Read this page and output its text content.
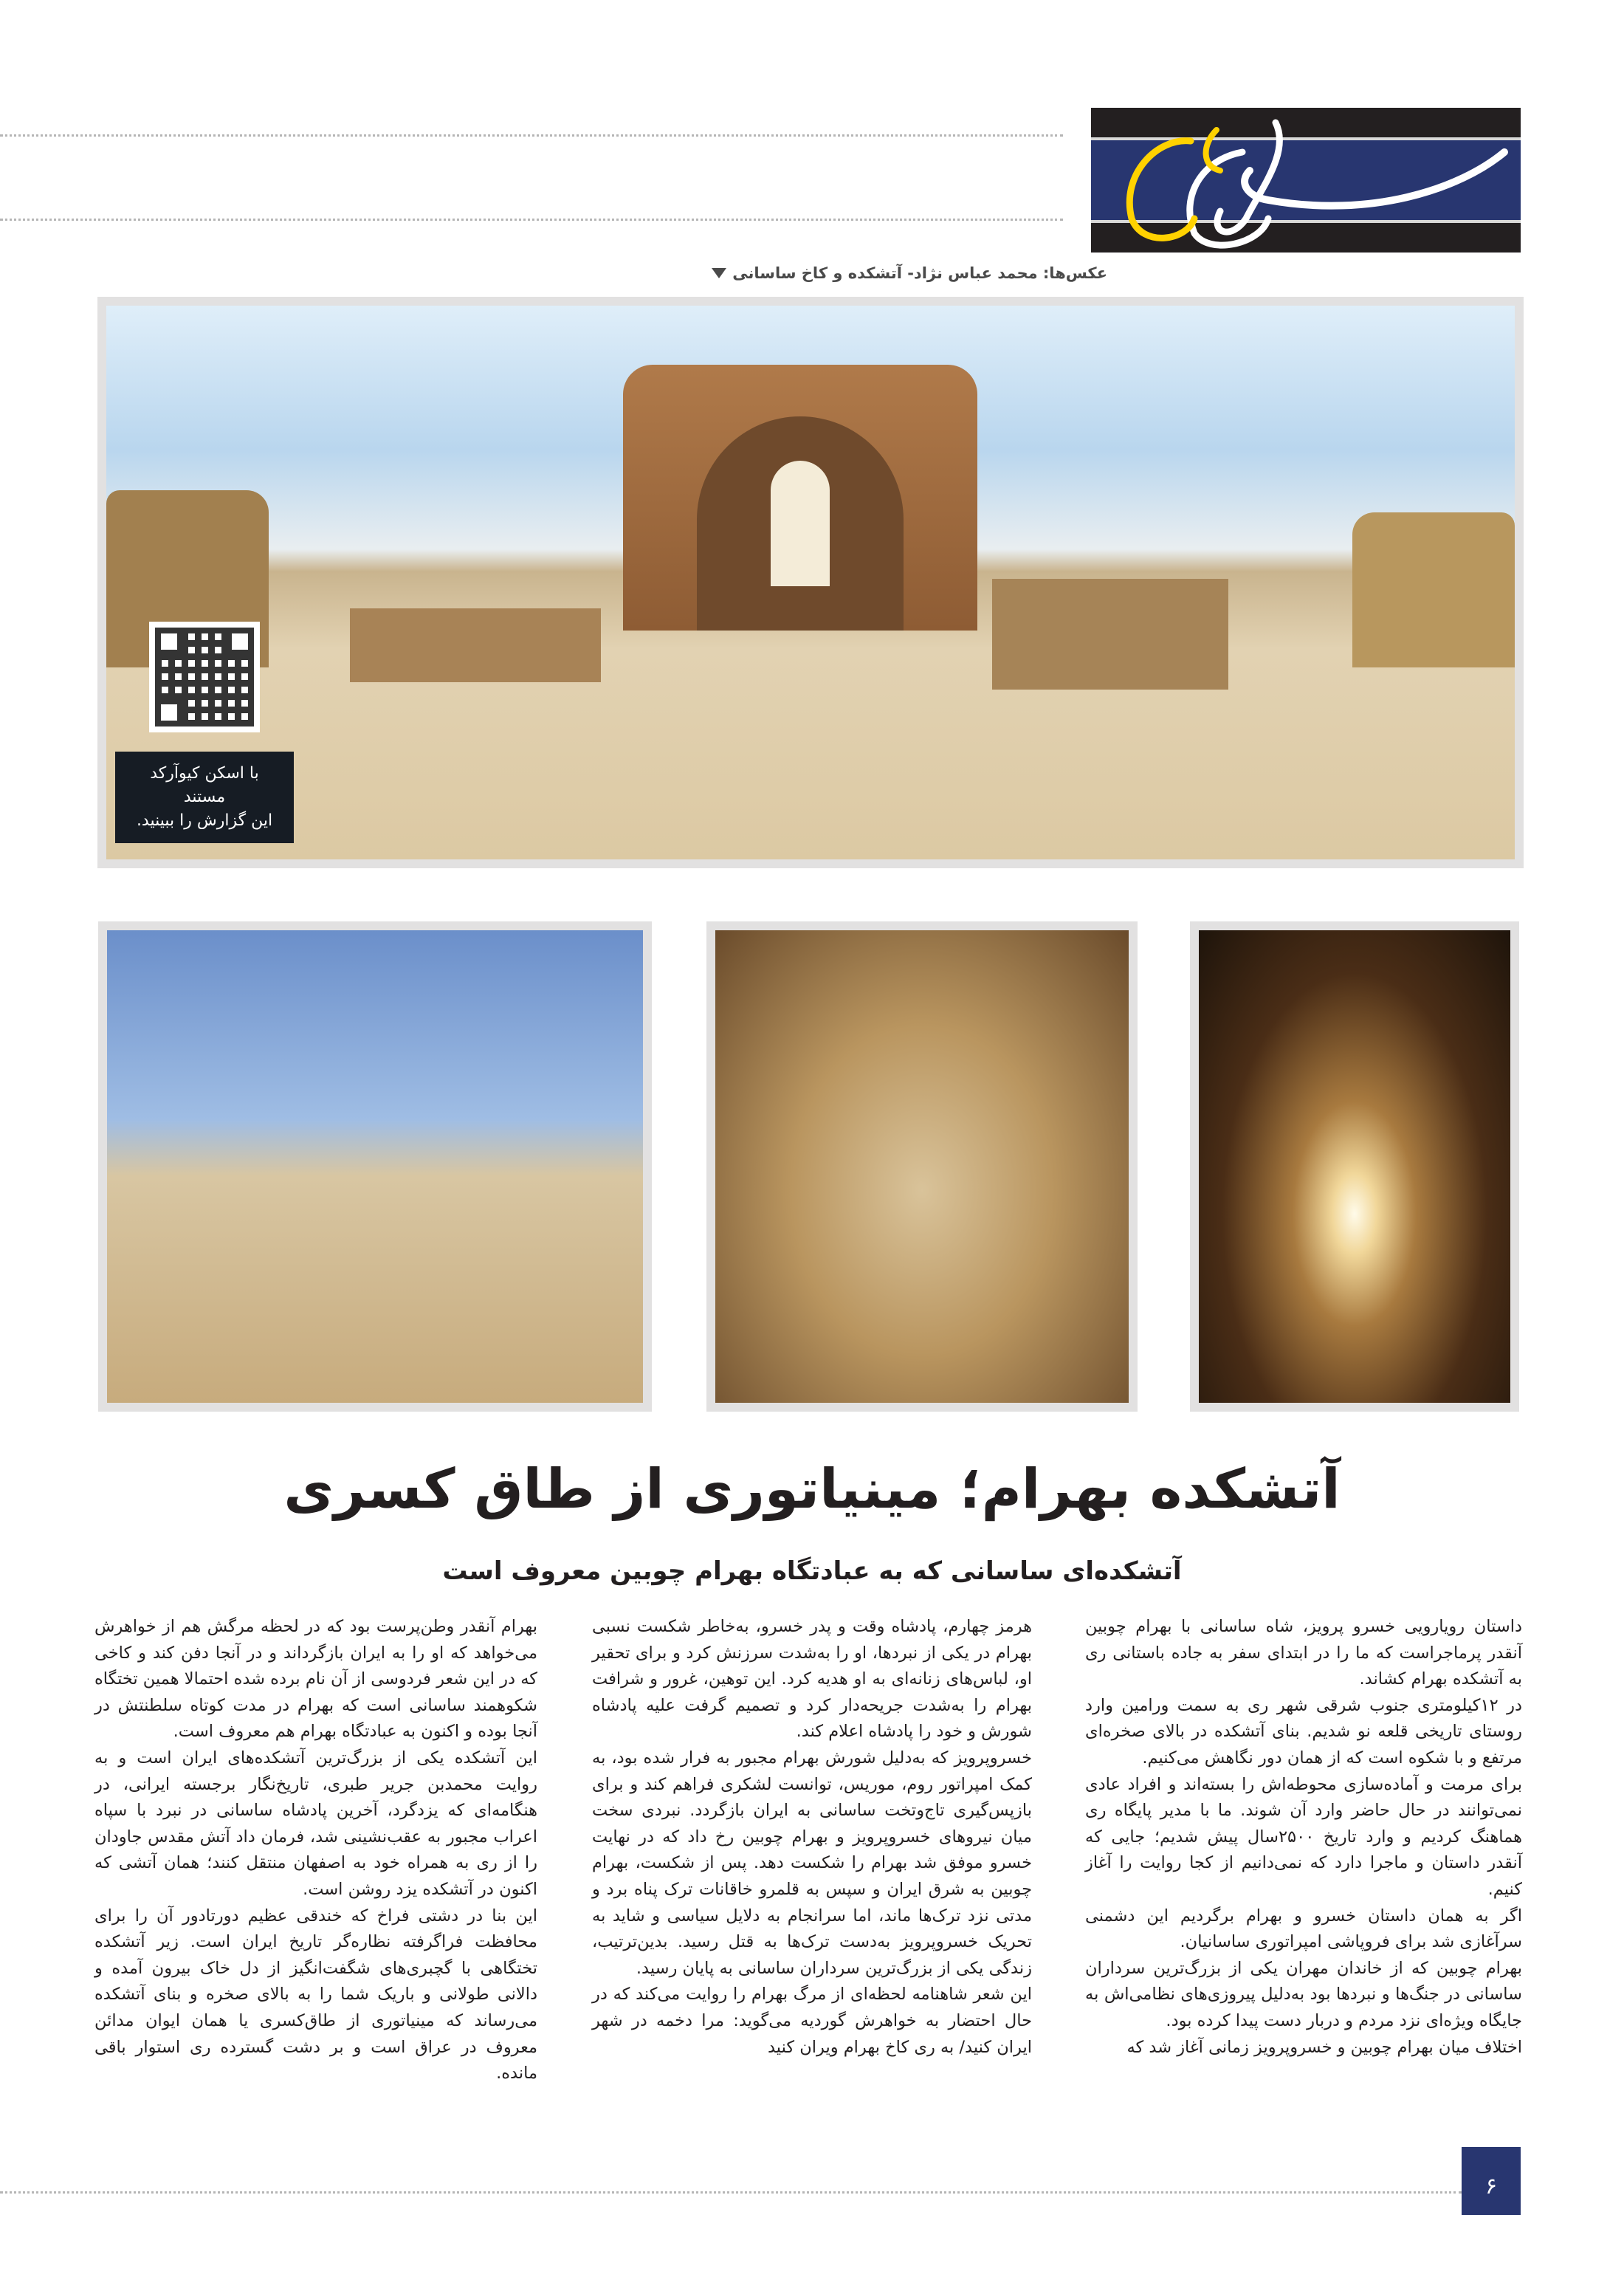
عکس‌ها: محمد عباس نژاد- آتشکده و کاخ ساسانی
با اسکن کیوآرکد مستند
این گزارش را ببینید.
آتشکده بهرام؛ مینیاتوری از طاق کسری
آتشکده‌ای ساسانی که به عبادتگاه بهرام چوبین معروف است

داستان رویارویی خسرو پرویز، شاه ساسانی با بهرام چوبین آنقدر پرماجراست که ما را در ابتدای سفر به جاده باستانی ری به آتشکده بهرام کشاند.

در ۱۲کیلومتری جنوب شرقی شهر ری به سمت ورامین وارد روستای تاریخی قلعه نو شدیم. بنای آتشکده در بالای صخره‌ای مرتفع و با شکوه است که از همان دور نگاهش می‌کنیم.

برای مرمت و آماده‌سازی محوطه‌اش را بسته‌اند و افراد عادی نمی‌توانند در حال حاضر وارد آن شوند. ما با مدیر پایگاه ری هماهنگ کردیم و وارد تاریخ ۲۵۰۰سال پیش شدیم؛ جایی که آنقدر داستان و ماجرا دارد که نمی‌دانیم از کجا روایت را آغاز کنیم.

اگر به همان داستان خسرو و بهرام برگردیم این دشمنی سرآغازی شد برای فروپاشی امپراتوری ساسانیان.

بهرام چوبین که از خاندان مهران یکی از بزرگ‌ترین سرداران ساسانی در جنگ‌ها و نبردها بود به‌دلیل پیروزی‌های نظامی‌اش به جایگاه ویژه‌ای نزد مردم و دربار دست پیدا کرده بود.

اختلاف میان بهرام چوبین و خسروپرویز زمانی آغاز شد که

هرمز چهارم، پادشاه وقت و پدر خسرو، به‌خاطر شکست نسبی بهرام در یکی از نبردها، او را به‌شدت سرزنش کرد و برای تحقیر او، لباس‌های زنانه‌ای به او هدیه کرد. این توهین، غرور و شرافت بهرام را به‌شدت جریحه‌دار کرد و تصمیم گرفت علیه پادشاه شورش و خود را پادشاه اعلام کند.

خسروپرویز که به‌دلیل شورش بهرام مجبور به فرار شده بود، به کمک امپراتور روم، موریس، توانست لشکری فراهم کند و برای بازپس‌گیری تاج‌وتخت ساسانی به ایران بازگردد. نبردی سخت میان نیروهای خسروپرویز و بهرام چوبین رخ داد که در نهایت خسرو موفق شد بهرام را شکست دهد. پس از شکست، بهرام چوبین به شرق ایران و سپس به قلمرو خاقانات ترک پناه برد و مدتی نزد ترک‌ها ماند، اما سرانجام به دلایل سیاسی و شاید به تحریک خسروپرویز به‌دست ترک‌ها به قتل رسید. بدین‌ترتیب، زندگی یکی از بزرگ‌ترین سرداران ساسانی به پایان رسید.

این شعر شاهنامه لحظه‌ای از مرگ بهرام را روایت می‌کند که در حال احتضار به خواهرش گوردیه می‌گوید: مرا دخمه در شهر ایران کنید/ به ری کاخ بهرام ویران کنید

بهرام آنقدر وطن‌پرست بود که در لحظه مرگش هم از خواهرش می‌خواهد که او را به ایران بازگرداند و در آنجا دفن کند و کاخی که در این شعر فردوسی از آن نام برده شده احتمالا همین تختگاه شکوهمند ساسانی است که بهرام در مدت کوتاه سلطنتش در آنجا بوده و اکنون به عبادتگاه بهرام هم معروف است.

این آتشکده یکی از بزرگ‌ترین آتشکده‌های ایران است و به روایت محمدبن جریر طبری، تاریخ‌نگار برجسته ایرانی، در هنگامه‌ای که یزدگرد، آخرین پادشاه ساسانی در نبرد با سپاه اعراب مجبور به عقب‌نشینی شد، فرمان داد آتش مقدس جاودان را از ری به همراه خود به اصفهان منتقل کنند؛ همان آتشی که اکنون در آتشکده یزد روشن است.

این بنا در دشتی فراخ که خندقی عظیم دورتادور آن را برای محافظت فراگرفته نظاره‌گر تاریخ ایران است. زیر آتشکده تختگاهی با گچبری‌های شگفت‌انگیز از دل خاک بیرون آمده و دالانی طولانی و باریک شما را به بالای صخره و بنای آتشکده می‌رساند که مینیاتوری از طاق‌کسری یا همان ایوان مدائن معروف در عراق است و بر دشت گسترده ری استوار باقی مانده.

۶
